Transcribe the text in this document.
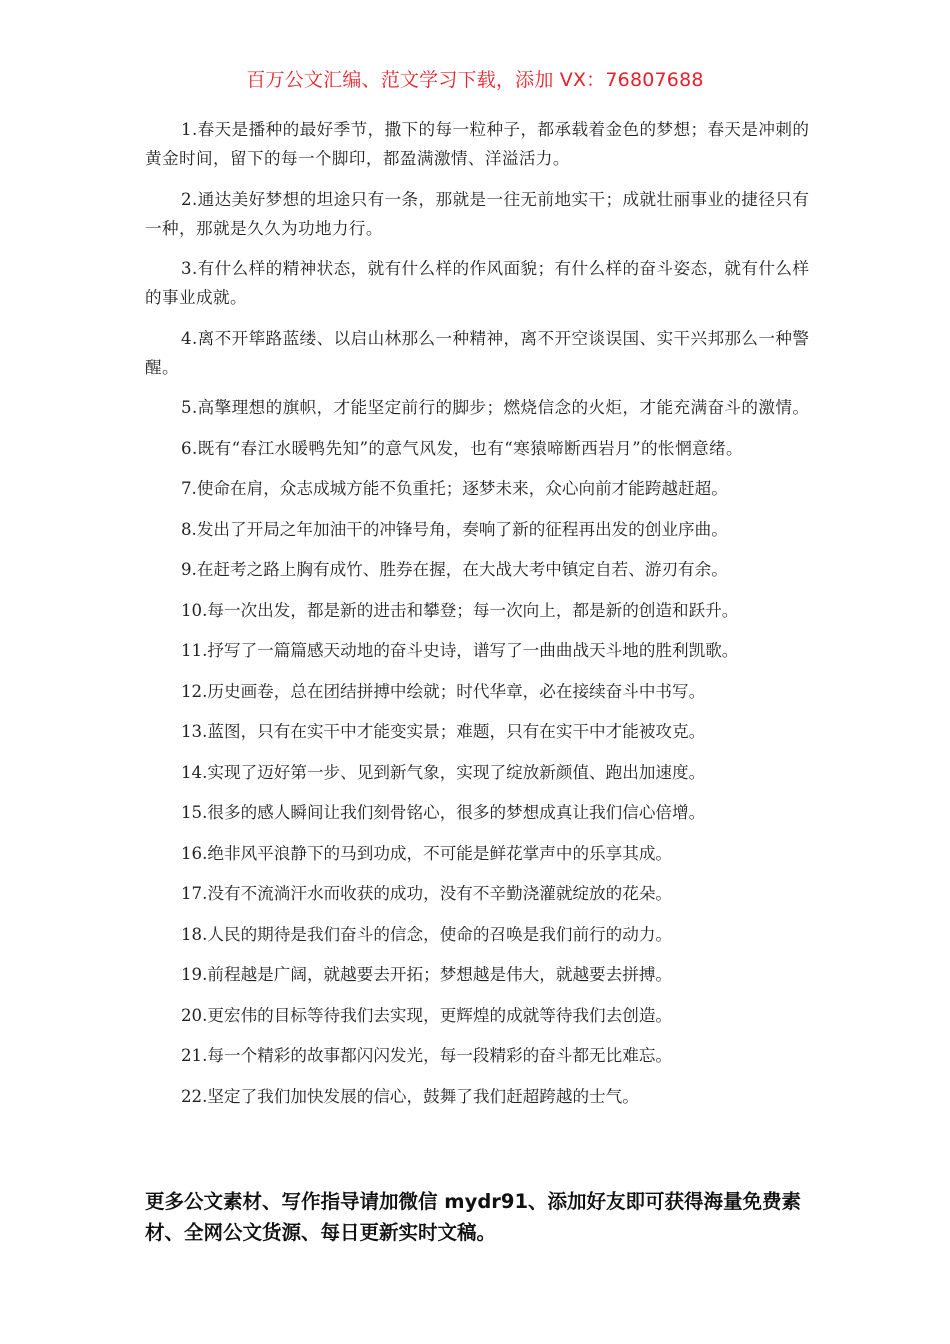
百万公文汇编、范文学习下载，添加 VX：76807688

1.春天是播种的最好季节，撒下的每一粒种子，都承载着金色的梦想；春天是冲刺的黄金时间，留下的每一个脚印，都盈满激情、洋溢活力。

2.通达美好梦想的坦途只有一条，那就是一往无前地实干；成就壮丽事业的捷径只有一种，那就是久久为功地力行。

3.有什么样的精神状态，就有什么样的作风面貌；有什么样的奋斗姿态，就有什么样的事业成就。

4.离不开筚路蓝缕、以启山林那么一种精神，离不开空谈误国、实干兴邦那么一种警醒。

5.高擎理想的旗帜，才能坚定前行的脚步；燃烧信念的火炬，才能充满奋斗的激情。

6.既有“春江水暖鸭先知”的意气风发，也有“寒猿啼断西岩月”的怅惘意绪。

7.使命在肩，众志成城方能不负重托；逐梦未来，众心向前才能跨越赶超。

8.发出了开局之年加油干的冲锋号角，奏响了新的征程再出发的创业序曲。

9.在赶考之路上胸有成竹、胜券在握，在大战大考中镇定自若、游刃有余。

10.每一次出发，都是新的进击和攀登；每一次向上，都是新的创造和跃升。

11.抒写了一篇篇感天动地的奋斗史诗，谱写了一曲曲战天斗地的胜利凯歌。

12.历史画卷，总在团结拼搏中绘就；时代华章，必在接续奋斗中书写。

13.蓝图，只有在实干中才能变实景；难题，只有在实干中才能被攻克。

14.实现了迈好第一步、见到新气象，实现了绽放新颜值、跑出加速度。

15.很多的感人瞬间让我们刻骨铭心，很多的梦想成真让我们信心倍增。

16.绝非风平浪静下的马到功成，不可能是鲜花掌声中的乐享其成。

17.没有不流淌汗水而收获的成功，没有不辛勤浇灌就绽放的花朵。

18.人民的期待是我们奋斗的信念，使命的召唤是我们前行的动力。

19.前程越是广阔，就越要去开拓；梦想越是伟大，就越要去拼搏。

20.更宏伟的目标等待我们去实现，更辉煌的成就等待我们去创造。

21.每一个精彩的故事都闪闪发光，每一段精彩的奋斗都无比难忘。

22.坚定了我们加快发展的信心，鼓舞了我们赶超跨越的士气。

更多公文素材、写作指导请加微信 mydr91、添加好友即可获得海量免费素材、全网公文货源、每日更新实时文稿。
